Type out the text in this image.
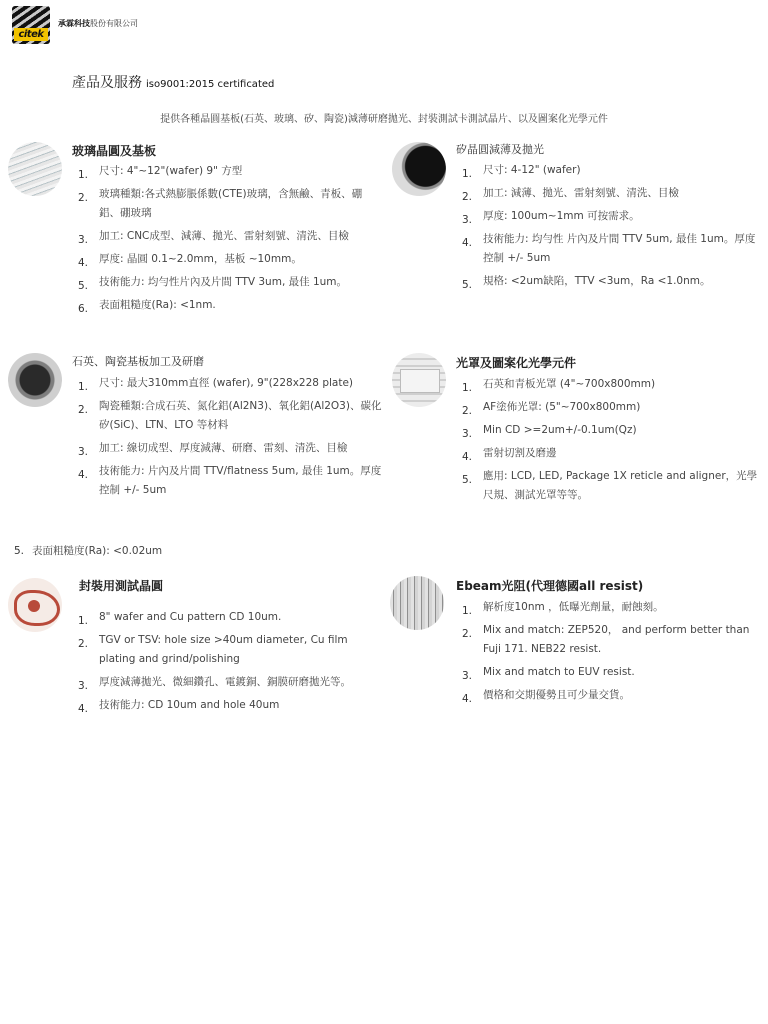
citek
承霖科技股份有限公司
產品及服務 iso9001:2015 certificated
提供各種晶圓基板(石英、玻璃、矽、陶瓷)減薄研磨拋光、封裝測試卡測試晶片、以及圖案化光學元件
玻璃晶圓及基板
1. 尺寸: 4"~12"(wafer) 9" 方型
2. 玻璃種類:各式熱膨脹係數(CTE)玻璃，含無鹼、青板、硼鋁、硼玻璃
3. 加工: CNC成型、減薄、拋光、雷射刻號、清洗、目檢
4. 厚度: 晶圓 0.1~2.0mm，基板 ~10mm。
5. 技術能力: 均勻性片內及片間 TTV 3um, 最佳 1um。
6. 表面粗糙度(Ra): <1nm.
矽晶圓減薄及拋光
1. 尺寸: 4-12" (wafer)
2. 加工: 減薄、拋光、雷射刻號、清洗、目檢
3. 厚度: 100um~1mm 可按需求。
4. 技術能力: 均勻性 片內及片間 TTV 5um, 最佳 1um。厚度控制 +/- 5um
5. 規格: <2um缺陷，TTV <3um，Ra <1.0nm。
石英、陶瓷基板加工及研磨
1. 尺寸: 最大310mm直徑 (wafer), 9"(228x228 plate)
2. 陶瓷種類:合成石英、氮化鋁(Al2N3)、氧化鋁(Al2O3)、碳化矽(SiC)、LTN、LTO 等材料
3. 加工: 線切成型、厚度減薄、研磨、雷刻、清洗、目檢
4. 技術能力: 片內及片間 TTV/flatness 5um, 最佳 1um。厚度控制 +/- 5um
5. 表面粗糙度(Ra): <0.02um
光罩及圖案化光學元件
1. 石英和青板光罩 (4"~700x800mm)
2. AF塗佈光罩: (5"~700x800mm)
3. Min CD >=2um+/-0.1um(Qz)
4. 雷射切割及磨邊
5. 應用: LCD, LED, Package 1X reticle and aligner，光學尺規、測試光罩等等。
封裝用測試晶圓
1. 8" wafer and Cu pattern CD 10um.
2. TGV or TSV: hole size >40um diameter, Cu film plating and grind/polishing
3. 厚度減薄拋光、微細鑽孔、電鍍銅、銅膜研磨拋光等。
4. 技術能力: CD 10um and hole 40um
Ebeam光阻(代理德國all resist)
1. 解析度10nm ，低曝光劑量，耐蝕刻。
2. Mix and match: ZEP520， and perform better than Fuji 171. NEB22 resist.
3. Mix and match to EUV resist.
4. 價格和交期優勢且可少量交貨。
